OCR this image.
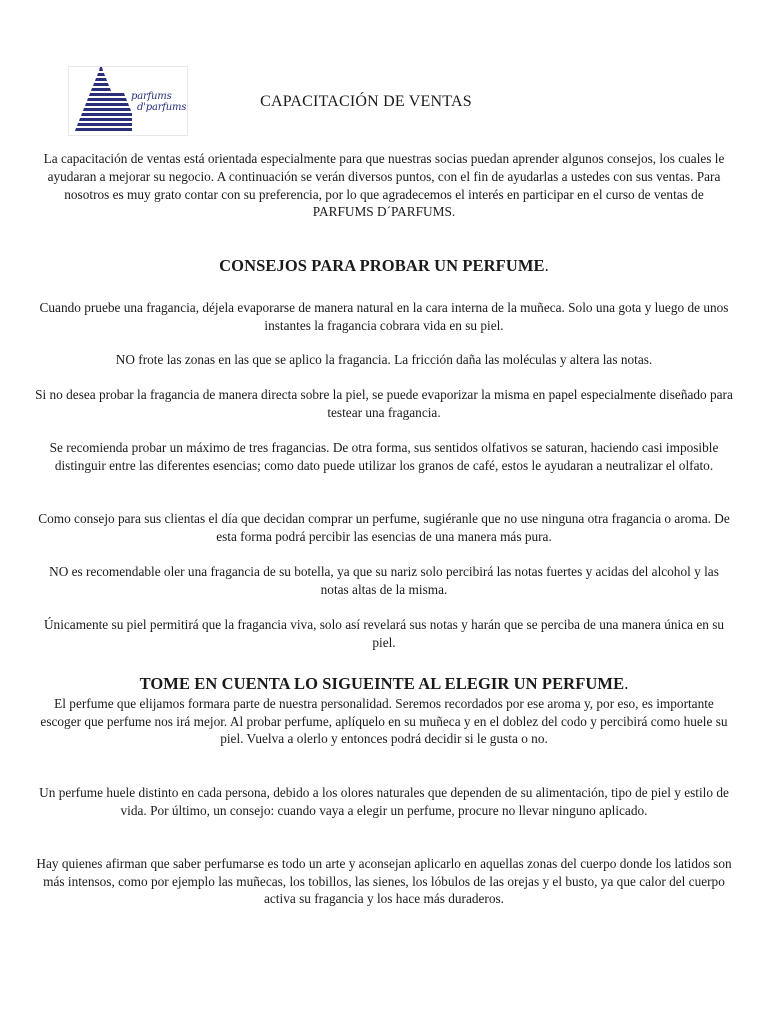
parfums
d'parfums	CAPACITACIÓN DE VENTAS

La capacitación de ventas está orientada especialmente para que nuestras socias puedan aprender algunos consejos, los cuales le ayudaran a mejorar su negocio. A continuación se verán diversos puntos, con el fin de ayudarlas a ustedes con sus ventas. Para nosotros es muy grato contar con su preferencia, por lo que agradecemos el interés en participar en el curso de ventas de PARFUMS D´PARFUMS.

CONSEJOS PARA PROBAR UN PERFUME.

Cuando pruebe una fragancia, déjela evaporarse de manera natural en la cara interna de la muñeca. Solo una gota y luego de unos instantes la fragancia cobrara vida en su piel.

NO frote las zonas en las que se aplico la fragancia. La fricción daña las moléculas y altera las notas.

Si no desea probar la fragancia de manera directa sobre la piel, se puede evaporizar la misma en papel especialmente diseñado para testear una fragancia.

Se recomienda probar un máximo de tres fragancias. De otra forma, sus sentidos olfativos se saturan, haciendo casi imposible distinguir entre las diferentes esencias; como dato puede utilizar los granos de café, estos le ayudaran a neutralizar el olfato.

Como consejo para sus clientas el día que decidan comprar un perfume, sugiéranle que no use ninguna otra fragancia o aroma. De esta forma podrá percibir las esencias de una manera más pura.

NO es recomendable oler una fragancia de su botella, ya que su nariz solo percibirá las notas fuertes y acidas del alcohol y las notas altas de la misma.

Únicamente su piel permitirá que la fragancia viva, solo así revelará sus notas y harán que se perciba de una manera única en su piel.

TOME EN CUENTA LO SIGUEINTE AL ELEGIR UN PERFUME.

El perfume que elijamos formara parte de nuestra personalidad. Seremos recordados por ese aroma y, por eso, es importante escoger que perfume nos irá mejor. Al probar perfume, aplíquelo en su muñeca y en el doblez del codo y percibirá como huele su piel. Vuelva a olerlo y entonces podrá decidir si le gusta o no.

Un perfume huele distinto en cada persona, debido a los olores naturales que dependen de su alimentación, tipo de piel y estilo de vida. Por último, un consejo: cuando vaya a elegir un perfume, procure no llevar ninguno aplicado.

Hay quienes afirman que saber perfumarse es todo un arte y aconsejan aplicarlo en aquellas zonas del cuerpo donde los latidos son más intensos, como por ejemplo las muñecas, los tobillos, las sienes, los lóbulos de las orejas y el busto, ya que calor del cuerpo activa su fragancia y los hace más duraderos.
